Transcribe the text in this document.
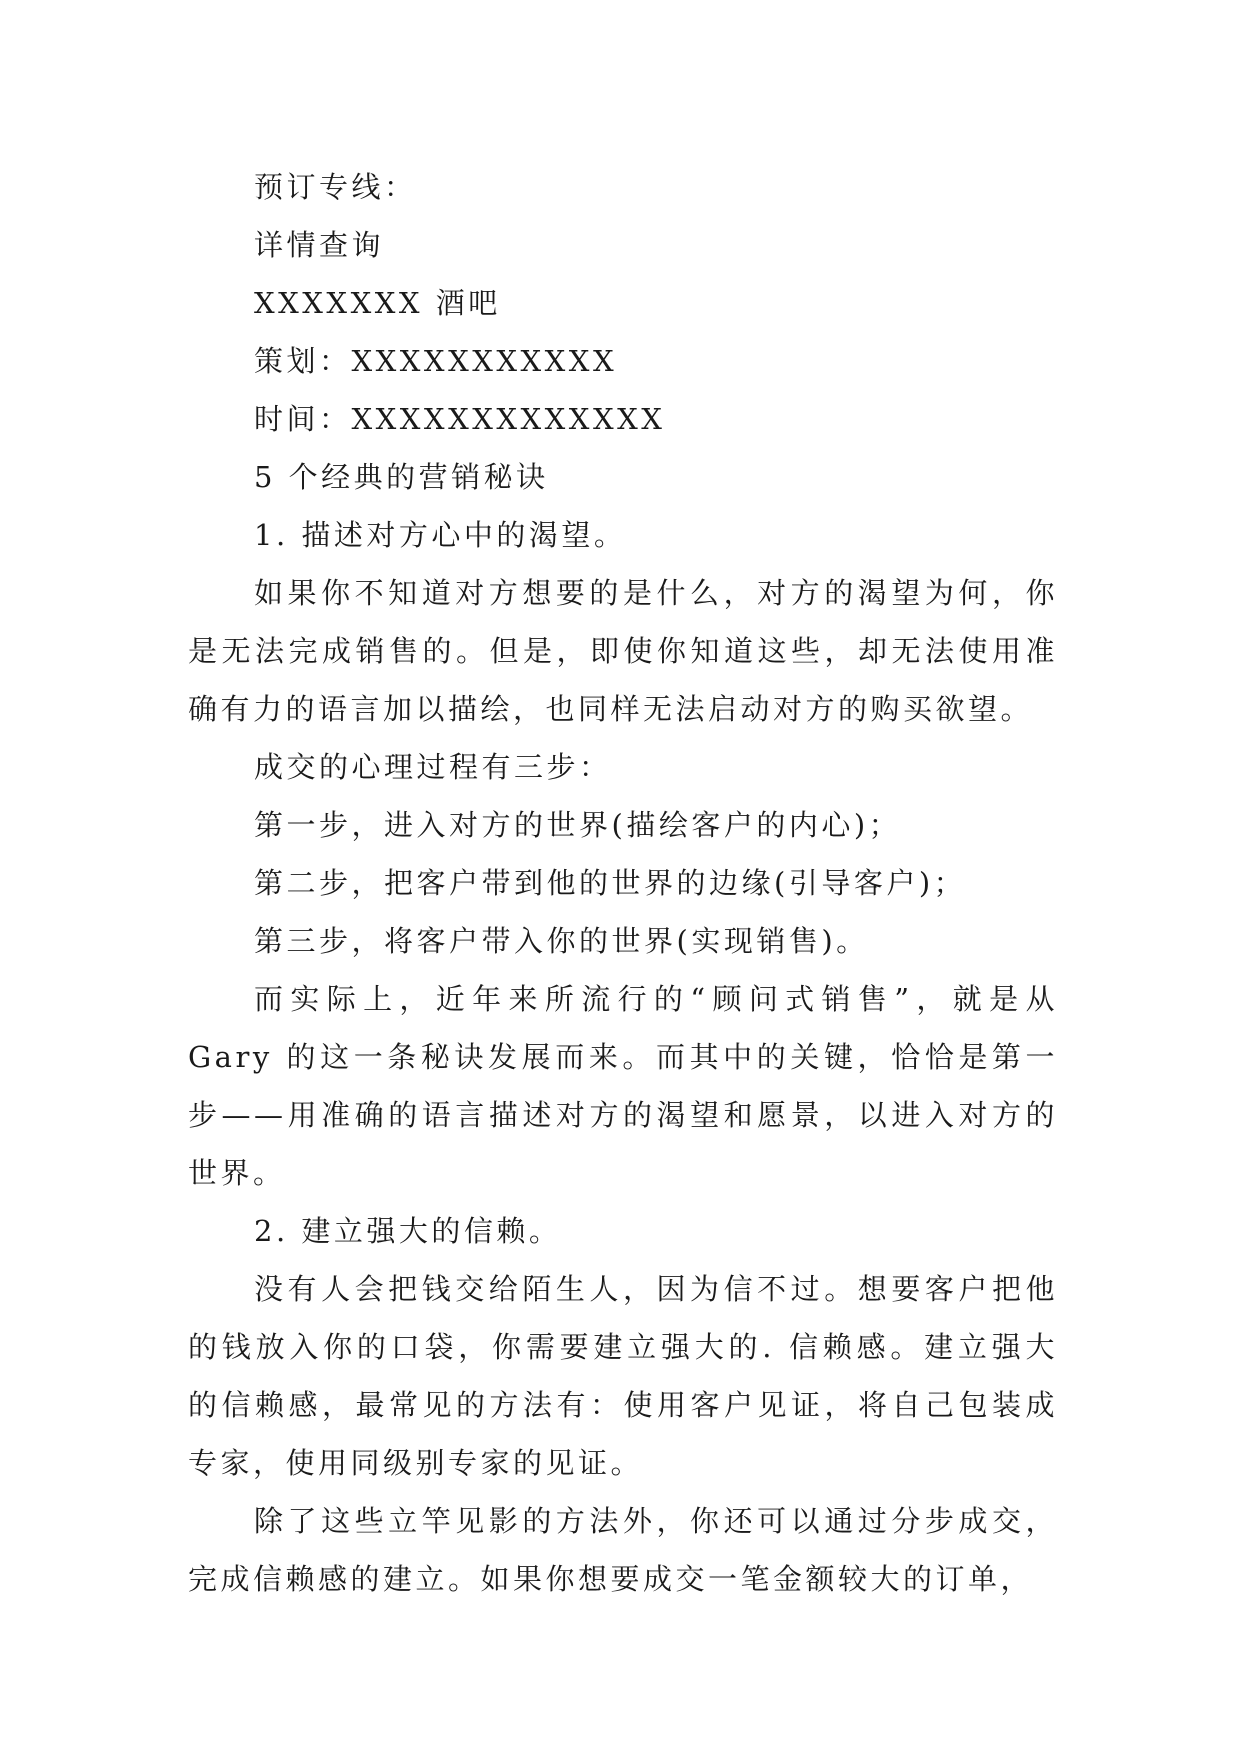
预订专线：
详情查询
XXXXXXX 酒吧
策划：XXXXXXXXXXX
时间：XXXXXXXXXXXXX
5 个经典的营销秘诀
1. 描述对方心中的渴望。

如果你不知道对方想要的是什么，对方的渴望为何，你是无法完成销售的。但是，即使你知道这些，却无法使用准确有力的语言加以描绘，也同样无法启动对方的购买欲望。

成交的心理过程有三步：
第一步，进入对方的世界(描绘客户的内心)；
第二步，把客户带到他的世界的边缘(引导客户)；
第三步，将客户带入你的世界(实现销售)。

而实际上，近年来所流行的“顾问式销售”，就是从 Gary 的这一条秘诀发展而来。而其中的关键，恰恰是第一步——用准确的语言描述对方的渴望和愿景，以进入对方的世界。

2. 建立强大的信赖。

没有人会把钱交给陌生人，因为信不过。想要客户把他的钱放入你的口袋，你需要建立强大的. 信赖感。建立强大的信赖感，最常见的方法有：使用客户见证，将自己包装成专家，使用同级别专家的见证。

除了这些立竿见影的方法外，你还可以通过分步成交，完成信赖感的建立。如果你想要成交一笔金额较大的订单，
